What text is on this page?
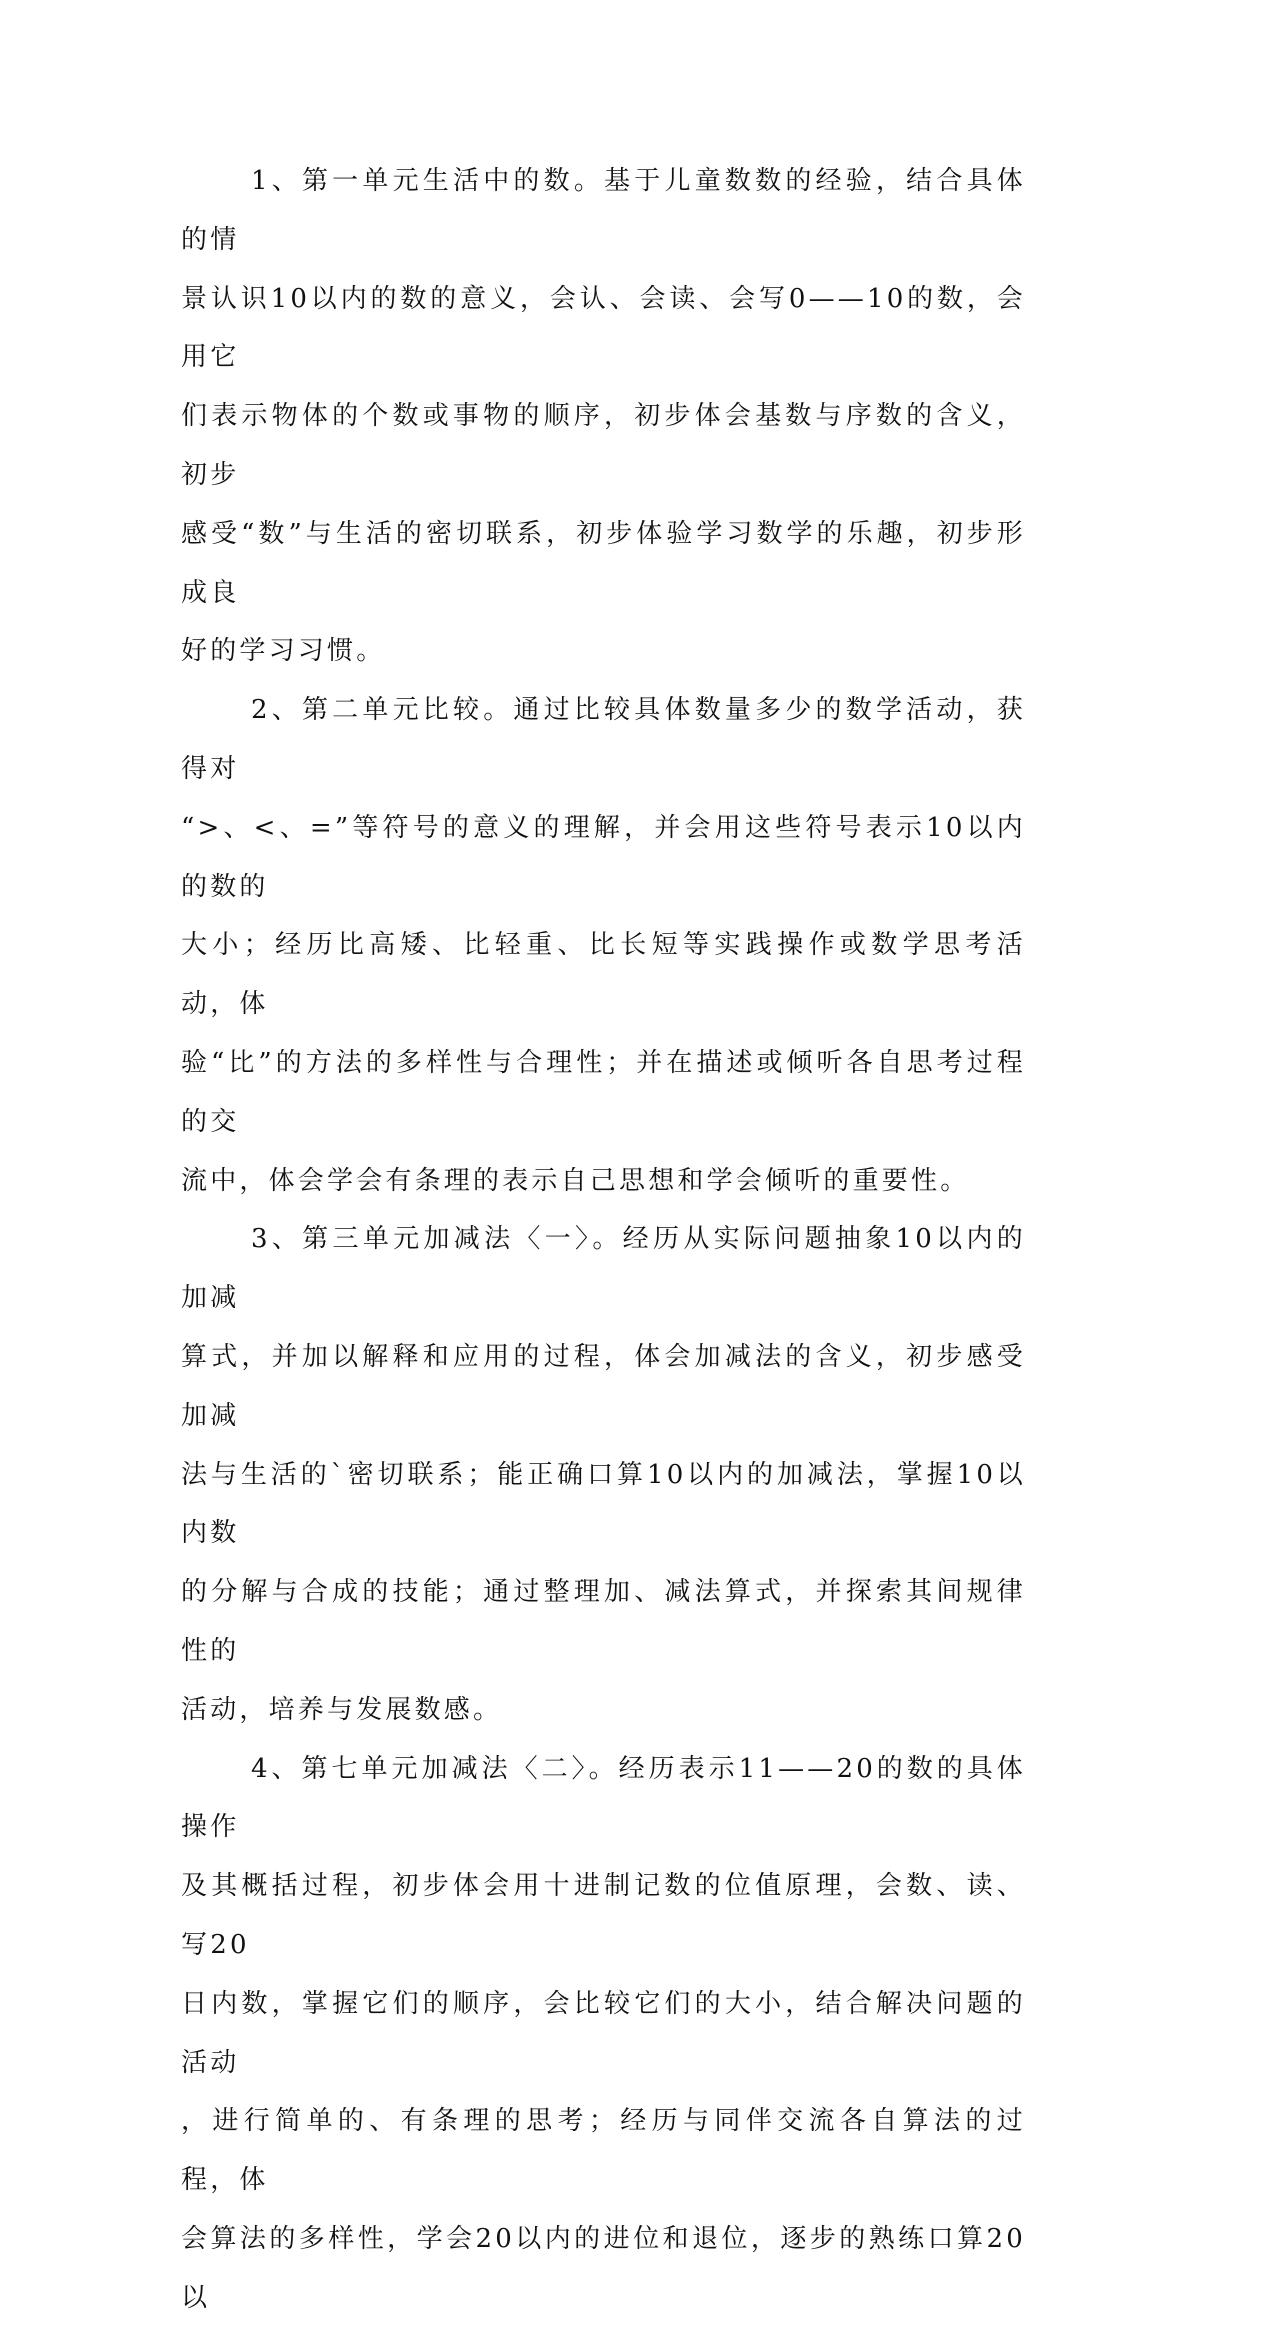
1、第一单元生活中的数。基于儿童数数的经验，结合具体的情
景认识10以内的数的意义，会认、会读、会写0——10的数，会用它
们表示物体的个数或事物的顺序，初步体会基数与序数的含义，初步
感受“数”与生活的密切联系，初步体验学习数学的乐趣，初步形成良
好的学习习惯。

2、第二单元比较。通过比较具体数量多少的数学活动，获得对
“>、<、=”等符号的意义的理解，并会用这些符号表示10以内的数的
大小；经历比高矮、比轻重、比长短等实践操作或数学思考活动，体
验“比”的方法的多样性与合理性；并在描述或倾听各自思考过程的交
流中，体会学会有条理的表示自己思想和学会倾听的重要性。

3、第三单元加减法〈一〉。经历从实际问题抽象10以内的加减
算式，并加以解释和应用的过程，体会加减法的含义，初步感受加减
法与生活的`密切联系；能正确口算10以内的加减法，掌握10以内数
的分解与合成的技能；通过整理加、减法算式，并探索其间规律性的
活动，培养与发展数感。

4、第七单元加减法〈二〉。经历表示11——20的数的具体操作
及其概括过程，初步体会用十进制记数的位值原理，会数、读、写20
日内数，掌握它们的顺序，会比较它们的大小，结合解决问题的活动
，进行简单的、有条理的思考；经历与同伴交流各自算法的过程，体
会算法的多样性，学会20以内的进位和退位，逐步的熟练口算20以
